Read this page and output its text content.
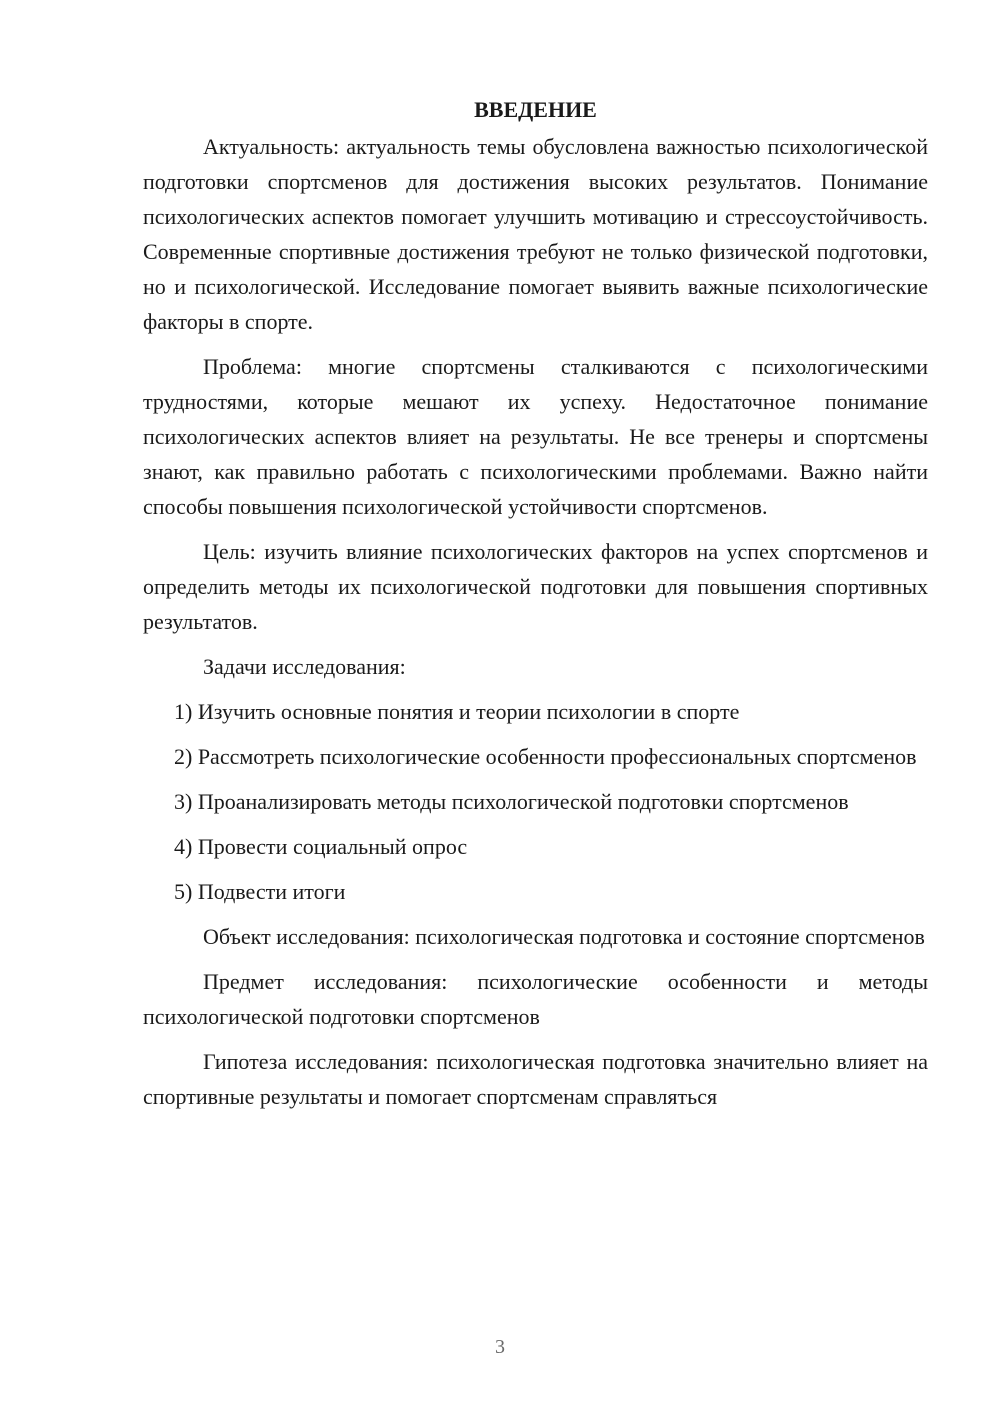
ВВЕДЕНИЕ

Актуальность: актуальность темы обусловлена важностью психологической подготовки спортсменов для достижения высоких результатов. Понимание психологических аспектов помогает улучшить мотивацию и стрессоустойчивость. Современные спортивные достижения требуют не только физической подготовки, но и психологической. Исследование помогает выявить важные психологические факторы в спорте.

Проблема: многие спортсмены сталкиваются с психологическими трудностями, которые мешают их успеху. Недостаточное понимание психологических аспектов влияет на результаты. Не все тренеры и спортсмены знают, как правильно работать с психологическими проблемами. Важно найти способы повышения психологической устойчивости спортсменов.

Цель: изучить влияние психологических факторов на успех спортсменов и определить методы их психологической подготовки для повышения спортивных результатов.

Задачи исследования:

1) Изучить основные понятия и теории психологии в спорте

2) Рассмотреть психологические особенности профессиональных спортсменов

3) Проанализировать методы психологической подготовки спортсменов

4) Провести социальный опрос

5) Подвести итоги

Объект исследования: психологическая подготовка и состояние спортсменов

Предмет исследования: психологические особенности и методы психологической подготовки спортсменов

Гипотеза исследования: психологическая подготовка значительно влияет на спортивные результаты и помогает спортсменам справляться

3
